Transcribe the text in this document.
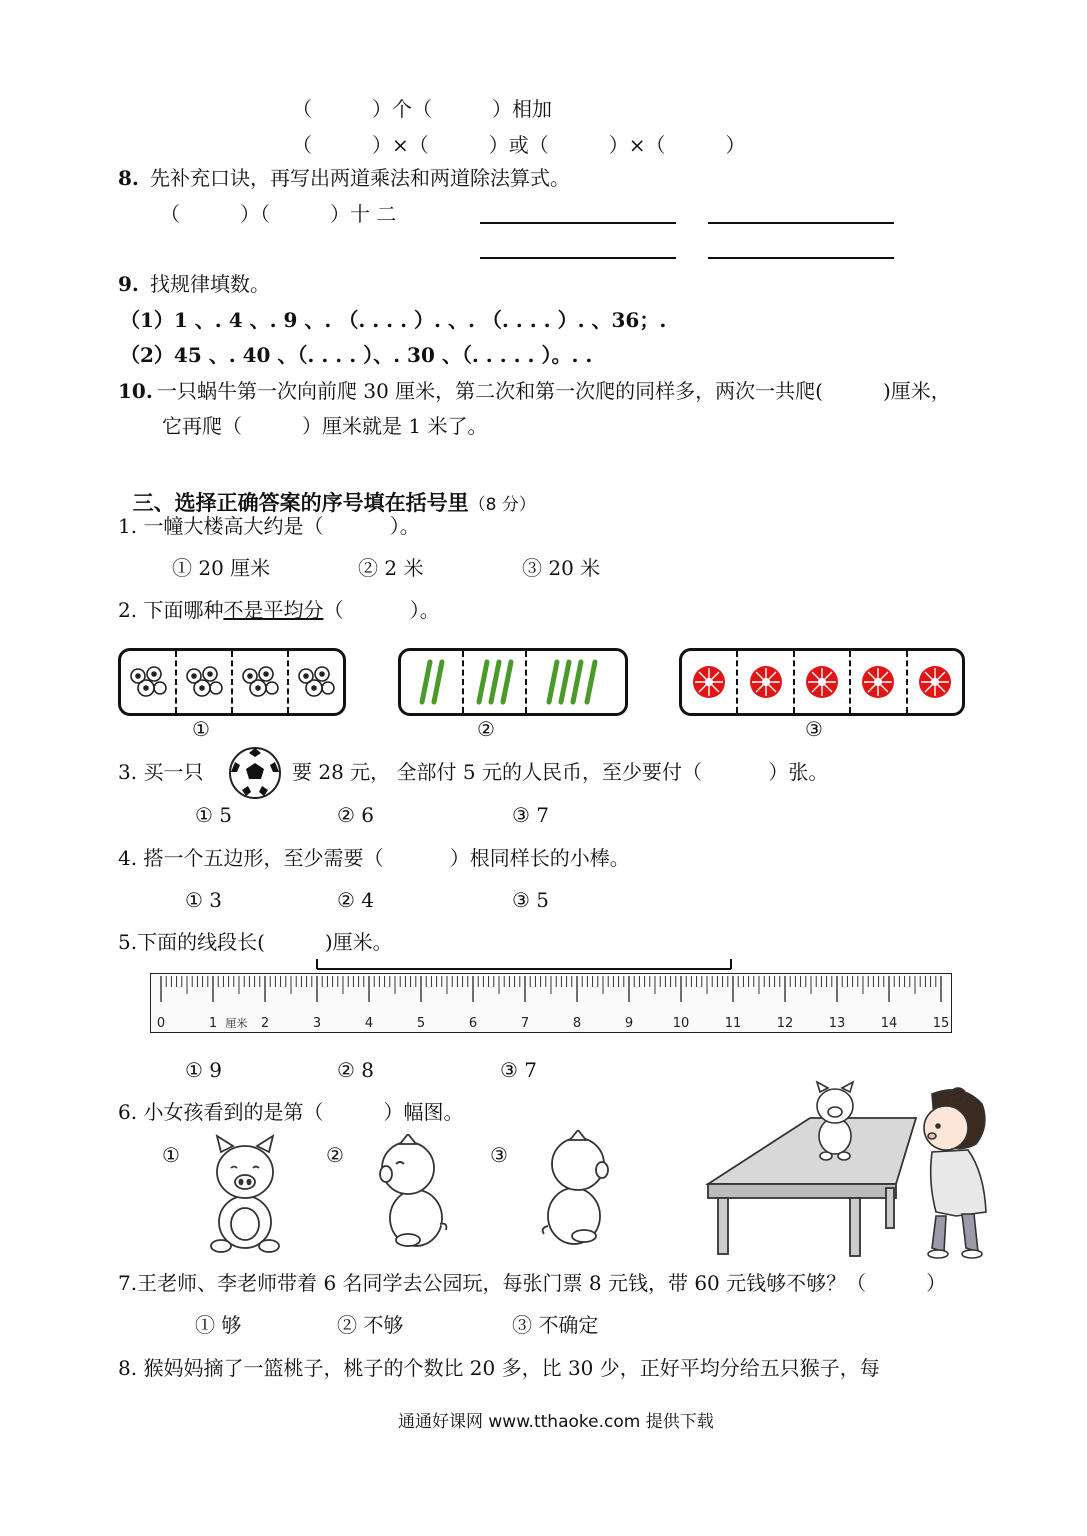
（　　　）个（　　　）相加
（　　　）×（　　　）或（　　　）×（　　　）
8. 先补充口诀，再写出两道乘法和两道除法算式。
（　　　）（　　　）十 二
9. 找规律填数。
（1）1 、. 4 、. 9 、. （. . . . ）. 、. （. . . . ）. 、36；.
（2）45 、. 40 、（. . . . ）、. 30 、（. . . . . ）。. .
10. 一只蜗牛第一次向前爬 30 厘米，第二次和第一次爬的同样多，两次一共爬(　　　)厘米，
它再爬（　　　）厘米就是 1 米了。

三、选择正确答案的序号填在括号里（8 分）

1. 一幢大楼高大约是（　　　 ）。
① 20 厘米	② 2 米	③ 20 米
2. 下面哪种不是平均分（　　　 ）。
①	②	③
3. 买一只	要 28 元， 全部付 5 元的人民币，至少要付（　　　 ）张。
① 5	② 6	③ 7
4. 搭一个五边形，至少需要（　　　 ）根同样长的小棒。
① 3	② 4	③ 5
5.下面的线段长(　　　)厘米。
0	1	2	3	4	5	6	7	8	9	10	11	12	13	14	15
厘米
① 9	② 8	③ 7
6. 小女孩看到的是第（　　　）幅图。
①	②	③
7.王老师、李老师带着 6 名同学去公园玩，每张门票 8 元钱，带 60 元钱够不够？（　　　）
① 够	② 不够	③ 不确定
8. 猴妈妈摘了一篮桃子，桃子的个数比 20 多，比 30 少，正好平均分给五只猴子，每
通通好课网 www.tthaoke.com 提供下载
